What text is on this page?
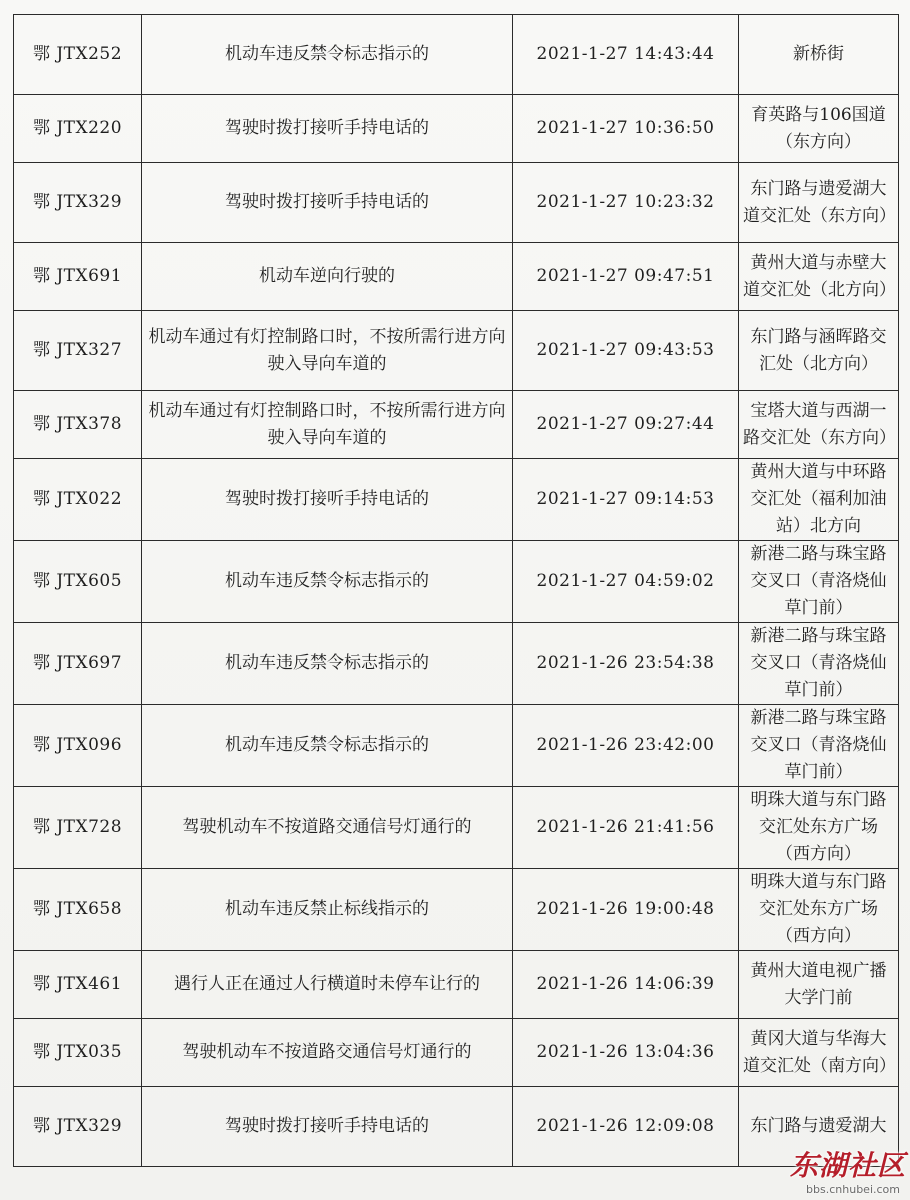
鄂 JTX252	机动车违反禁令标志指示的	2021-1-27 14:43:44	新桥街
鄂 JTX220	驾驶时拨打接听手持电话的	2021-1-27 10:36:50	育英路与106国道（东方向）
鄂 JTX329	驾驶时拨打接听手持电话的	2021-1-27 10:23:32	东门路与遗爱湖大道交汇处（东方向）
鄂 JTX691	机动车逆向行驶的	2021-1-27 09:47:51	黄州大道与赤壁大道交汇处（北方向）
鄂 JTX327	机动车通过有灯控制路口时，不按所需行进方向驶入导向车道的	2021-1-27 09:43:53	东门路与涵晖路交汇处（北方向）
鄂 JTX378	机动车通过有灯控制路口时，不按所需行进方向驶入导向车道的	2021-1-27 09:27:44	宝塔大道与西湖一路交汇处（东方向）
鄂 JTX022	驾驶时拨打接听手持电话的	2021-1-27 09:14:53	黄州大道与中环路交汇处（福利加油站）北方向
鄂 JTX605	机动车违反禁令标志指示的	2021-1-27 04:59:02	新港二路与珠宝路交叉口（青洛烧仙草门前）
鄂 JTX697	机动车违反禁令标志指示的	2021-1-26 23:54:38	新港二路与珠宝路交叉口（青洛烧仙草门前）
鄂 JTX096	机动车违反禁令标志指示的	2021-1-26 23:42:00	新港二路与珠宝路交叉口（青洛烧仙草门前）
鄂 JTX728	驾驶机动车不按道路交通信号灯通行的	2021-1-26 21:41:56	明珠大道与东门路交汇处东方广场（西方向）
鄂 JTX658	机动车违反禁止标线指示的	2021-1-26 19:00:48	明珠大道与东门路交汇处东方广场（西方向）
鄂 JTX461	遇行人正在通过人行横道时未停车让行的	2021-1-26 14:06:39	黄州大道电视广播大学门前
鄂 JTX035	驾驶机动车不按道路交通信号灯通行的	2021-1-26 13:04:36	黄冈大道与华海大道交汇处（南方向）
鄂 JTX329	驾驶时拨打接听手持电话的	2021-1-26 12:09:08	东门路与遗爱湖大
东湖社区
bbs.cnhubei.com
